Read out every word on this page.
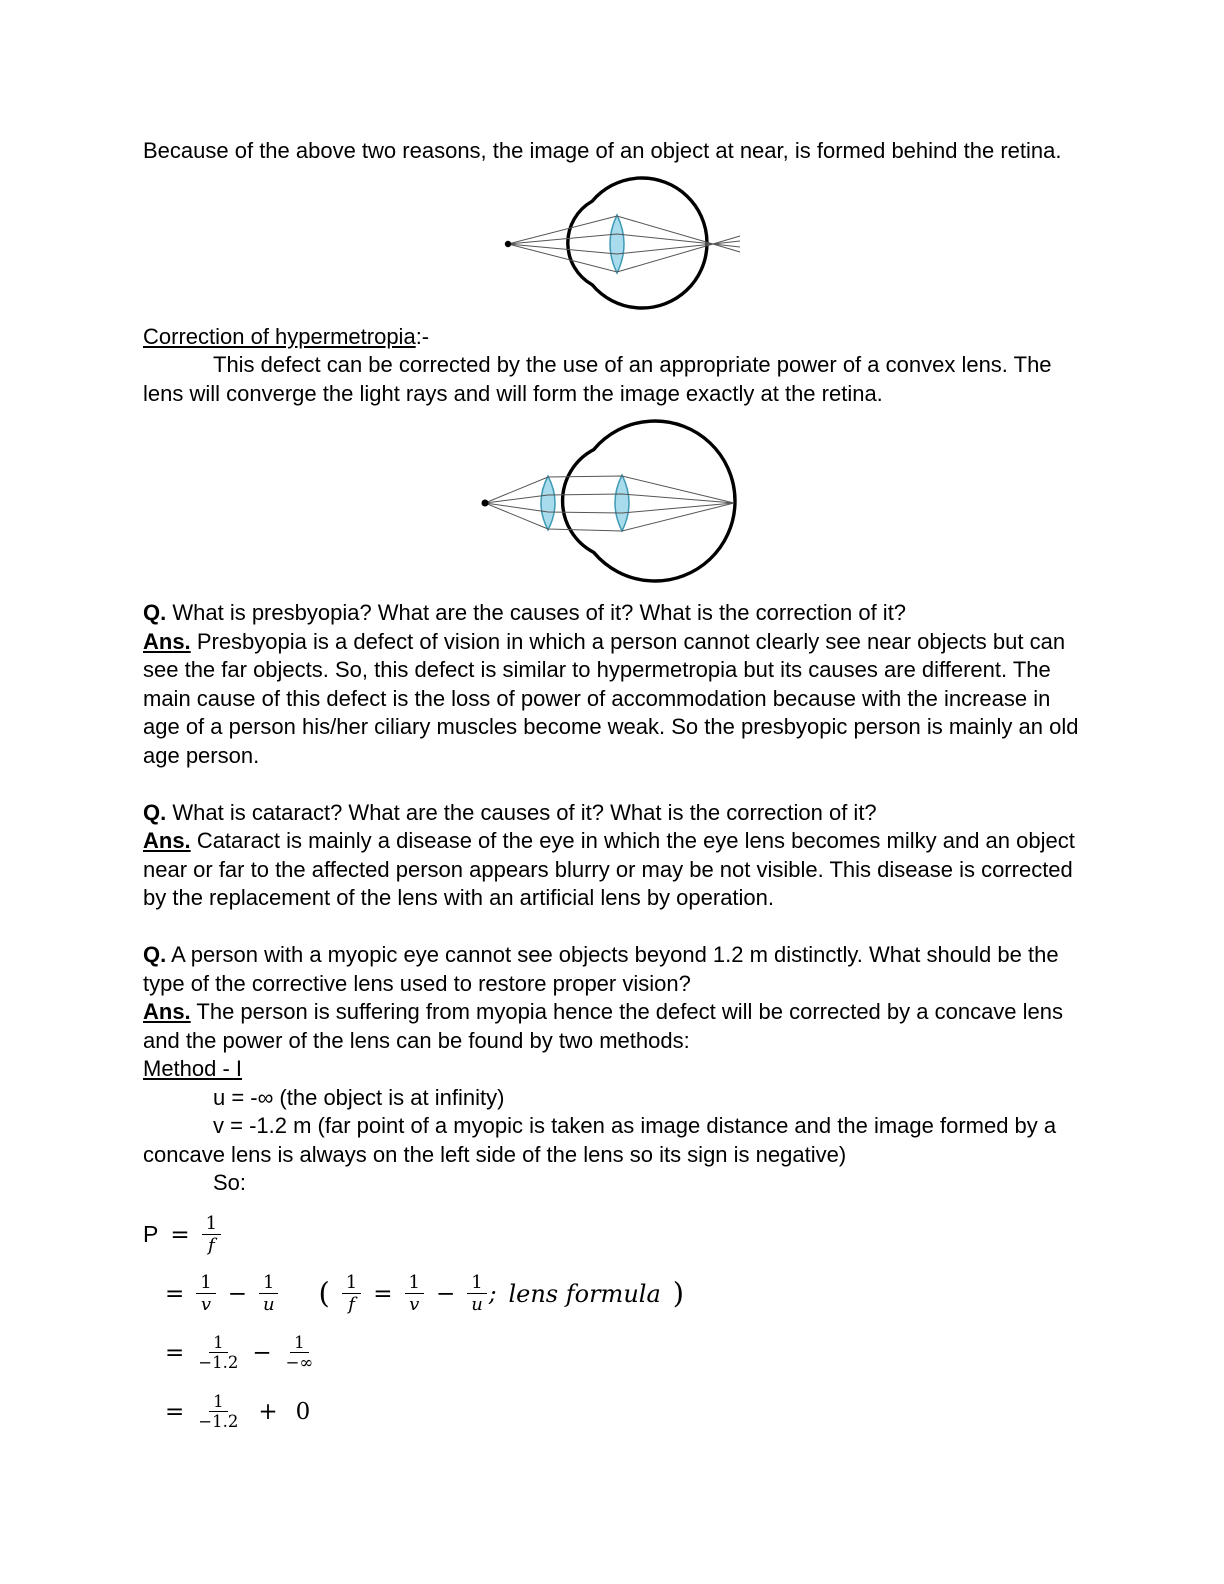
Because of the above two reasons, the image of an object at near, is formed behind the retina.

Correction of hypermetropia:-

This defect can be corrected by the use of an appropriate power of a convex lens. The lens will converge the light rays and will form the image exactly at the retina.

Q. What is presbyopia? What are the causes of it? What is the correction of it?

Ans. Presbyopia is a defect of vision in which a person cannot clearly see near objects but can see the far objects. So, this defect is similar to hypermetropia but its causes are different. The main cause of this defect is the loss of power of accommodation because with the increase in age of a person his/her ciliary muscles become weak. So the presbyopic person is mainly an old age person.

Q. What is cataract? What are the causes of it? What is the correction of it?

Ans. Cataract is mainly a disease of the eye in which the eye lens becomes milky and an object near or far to the affected person appears blurry or may be not visible. This disease is corrected by the replacement of the lens with an artificial lens by operation.

Q. A person with a myopic eye cannot see objects beyond 1.2 m distinctly. What should be the type of the corrective lens used to restore proper vision?

Ans. The person is suffering from myopia hence the defect will be corrected by a concave lens and the power of the lens can be found by two methods:

Method - I

u = -∞ (the object is at infinity)

v = -1.2 m (far point of a myopic is taken as image distance and the image formed by a concave lens is always on the left side of the lens so its sign is negative)

So:

$P = \frac{1}{f}$
= $\frac{1}{v} - \frac{1}{u}$ ( $\frac{1}{f} = \frac{1}{v} - \frac{1}{u}$ ; lens formula )
= $\frac{1}{-1.2} - \frac{1}{-\infty}$
= $\frac{1}{-1.2} + 0$
